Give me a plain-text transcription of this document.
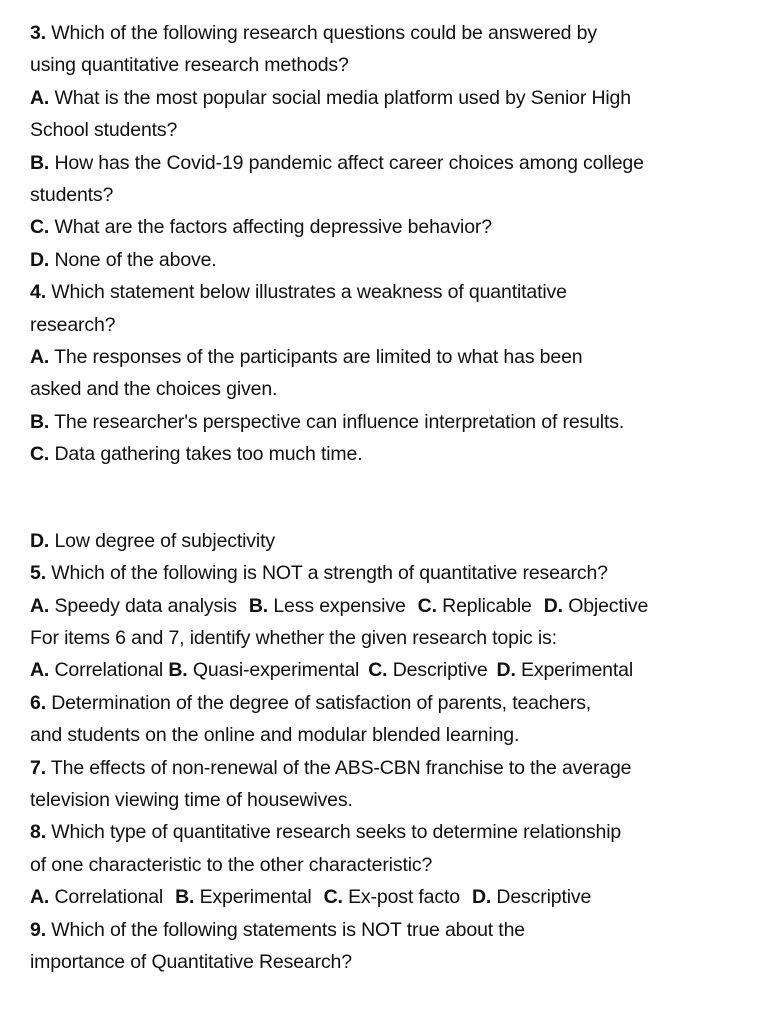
3. Which of the following research questions could be answered by
using quantitative research methods?
A. What is the most popular social media platform used by Senior High
School students?
B. How has the Covid-19 pandemic affect career choices among college
students?
C. What are the factors affecting depressive behavior?
D. None of the above.
4. Which statement below illustrates a weakness of quantitative
research?
A. The responses of the participants are limited to what has been
asked and the choices given.
B. The researcher's perspective can influence interpretation of results.
C. Data gathering takes too much time.
D. Low degree of subjectivity
5. Which of the following is NOT a strength of quantitative research?
A. Speedy data analysis B. Less expensive C. Replicable D. Objective
For items 6 and 7, identify whether the given research topic is:
A. Correlational B. Quasi-experimental C. Descriptive D. Experimental
6. Determination of the degree of satisfaction of parents, teachers,
and students on the online and modular blended learning.
7. The effects of non-renewal of the ABS-CBN franchise to the average
television viewing time of housewives.
8. Which type of quantitative research seeks to determine relationship
of one characteristic to the other characteristic?
A. Correlational B. Experimental C. Ex-post facto D. Descriptive
9. Which of the following statements is NOT true about the
importance of Quantitative Research?
